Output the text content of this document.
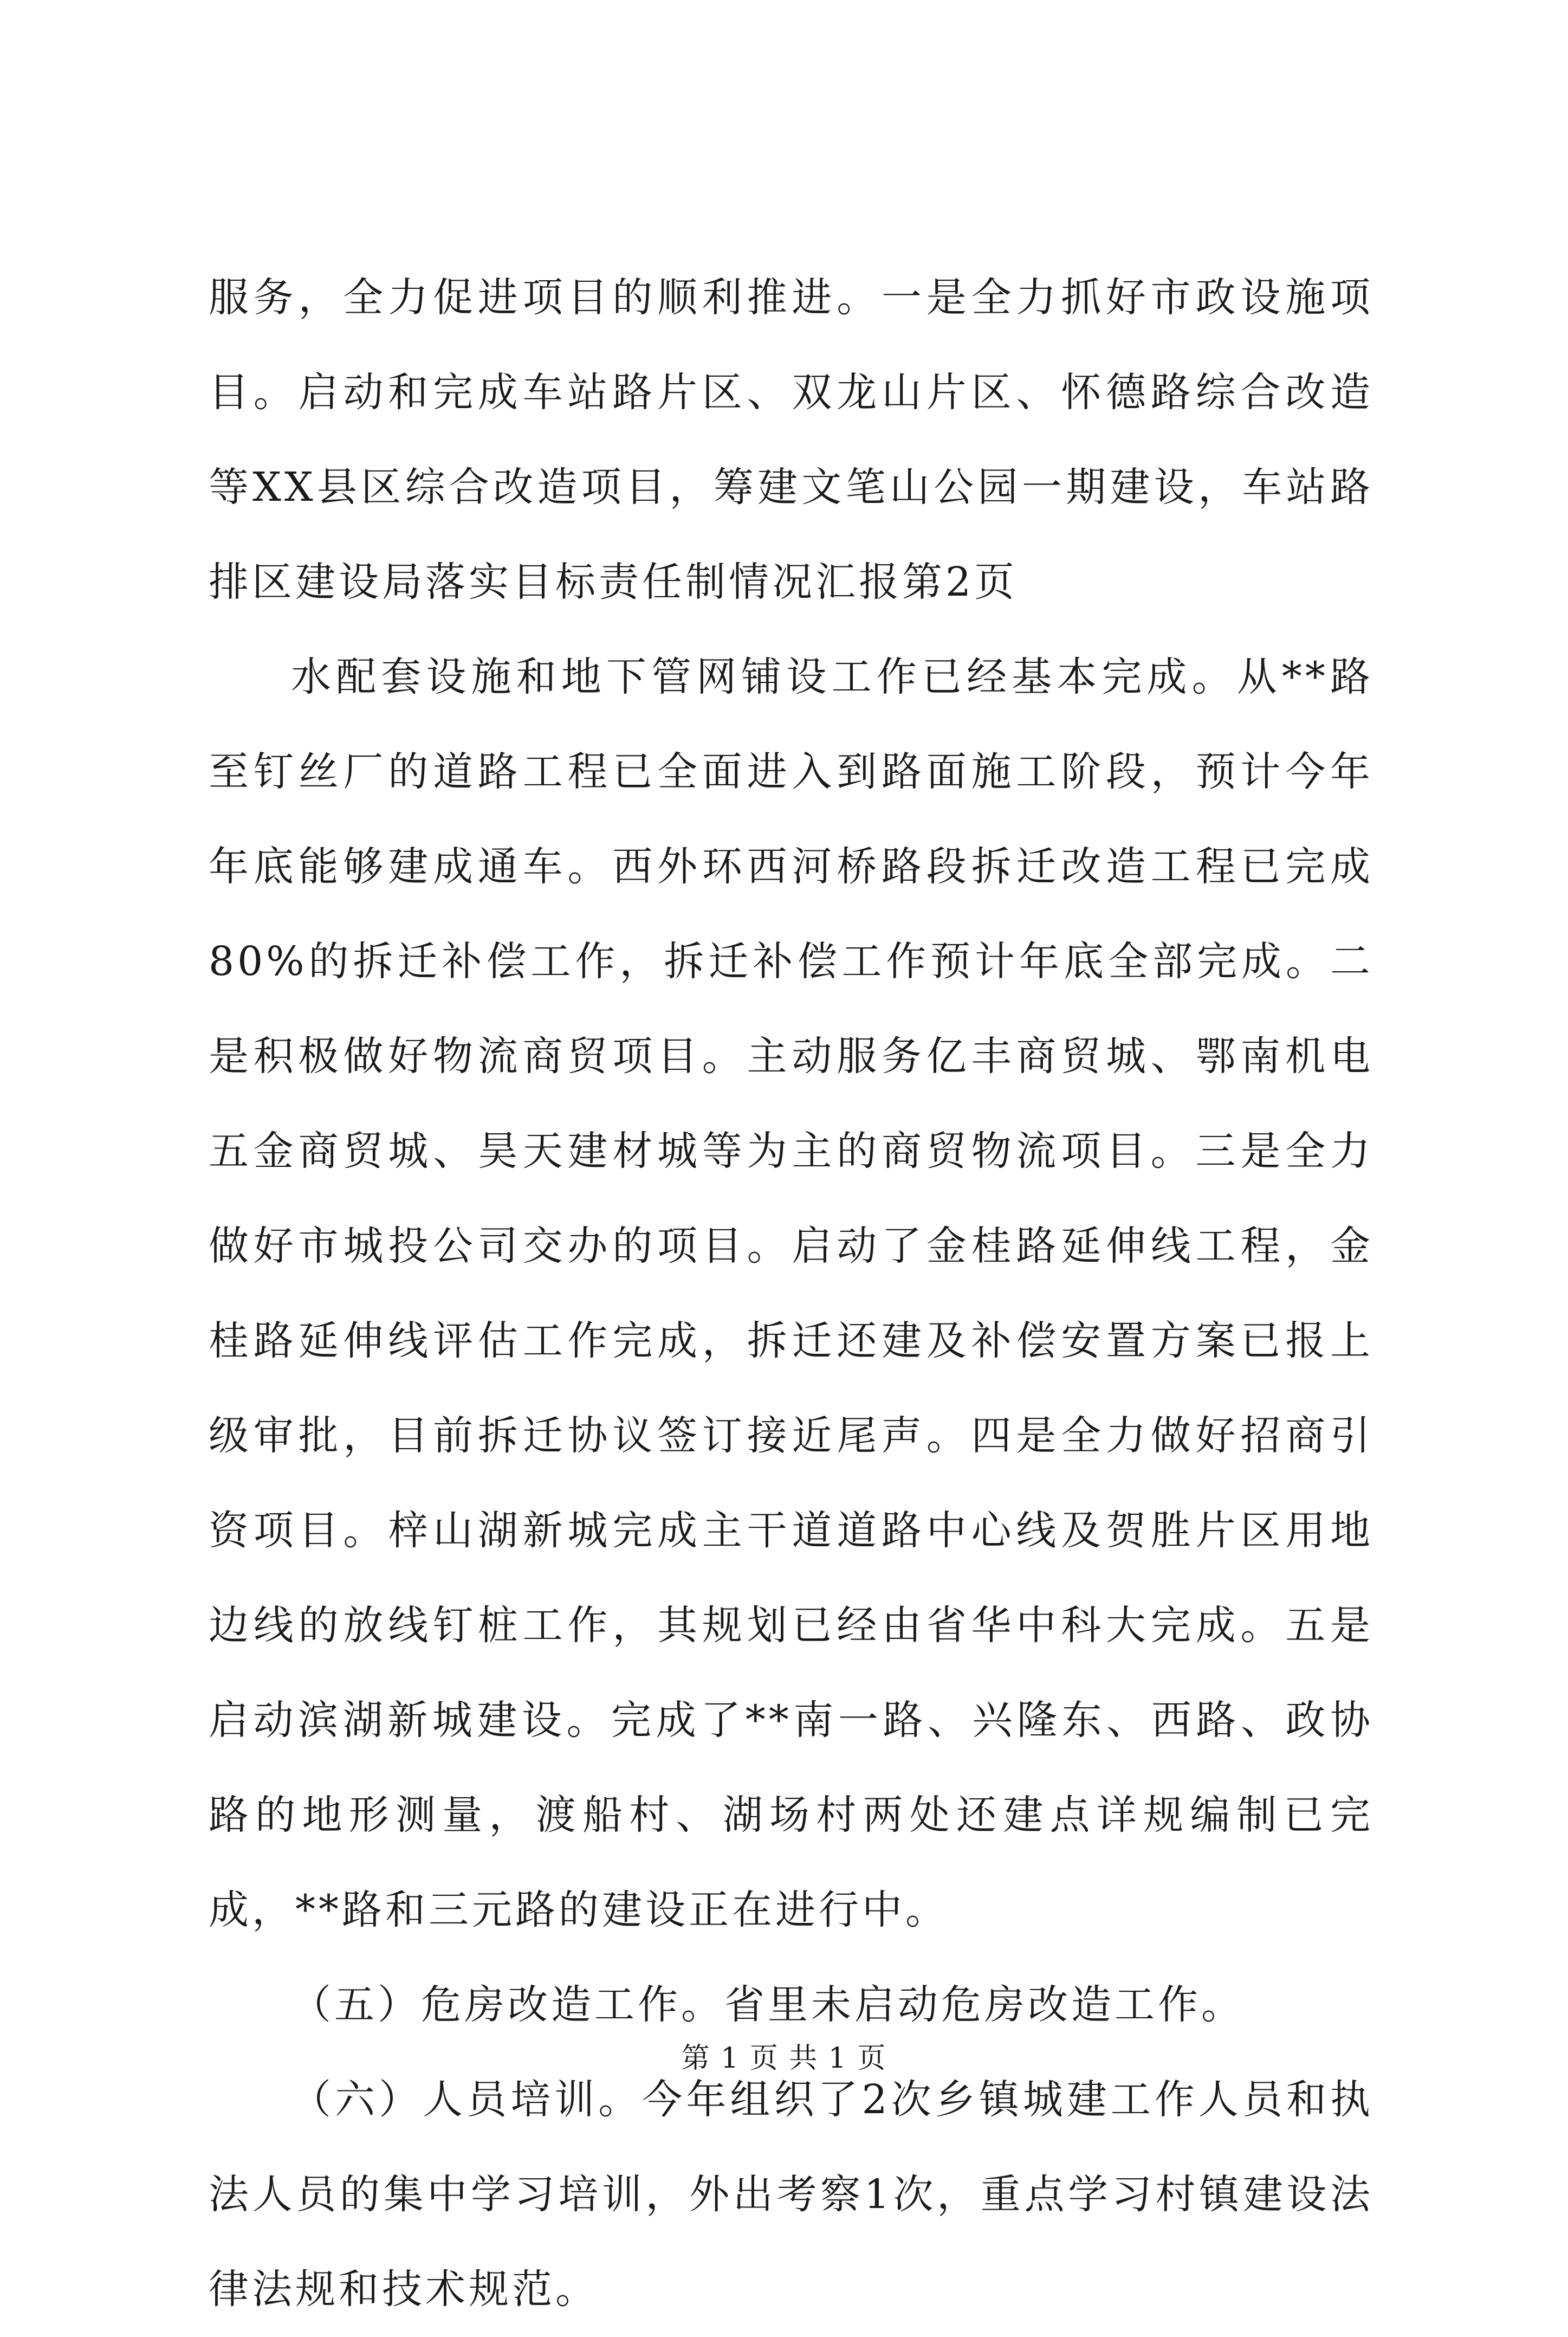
服务，全力促进项目的顺利推进。一是全力抓好市政设施项目。启动和完成车站路片区、双龙山片区、怀德路综合改造等XX县区综合改造项目，筹建文笔山公园一期建设，车站路排区建设局落实目标责任制情况汇报第2页

水配套设施和地下管网铺设工作已经基本完成。从**路至钉丝厂的道路工程已全面进入到路面施工阶段，预计今年年底能够建成通车。西外环西河桥路段拆迁改造工程已完成80%的拆迁补偿工作，拆迁补偿工作预计年底全部完成。二是积极做好物流商贸项目。主动服务亿丰商贸城、鄂南机电五金商贸城、昊天建材城等为主的商贸物流项目。三是全力做好市城投公司交办的项目。启动了金桂路延伸线工程，金桂路延伸线评估工作完成，拆迁还建及补偿安置方案已报上级审批，目前拆迁协议签订接近尾声。四是全力做好招商引资项目。梓山湖新城完成主干道道路中心线及贺胜片区用地边线的放线钉桩工作，其规划已经由省华中科大完成。五是启动滨湖新城建设。完成了**南一路、兴隆东、西路、政协路的地形测量，渡船村、湖场村两处还建点详规编制已完成，**路和三元路的建设正在进行中。

（五）危房改造工作。省里未启动危房改造工作。

（六）人员培训。今年组织了2次乡镇城建工作人员和执法人员的集中学习培训，外出考察1次，重点学习村镇建设法律法规和技术规范。

第 1 页 共 1 页
